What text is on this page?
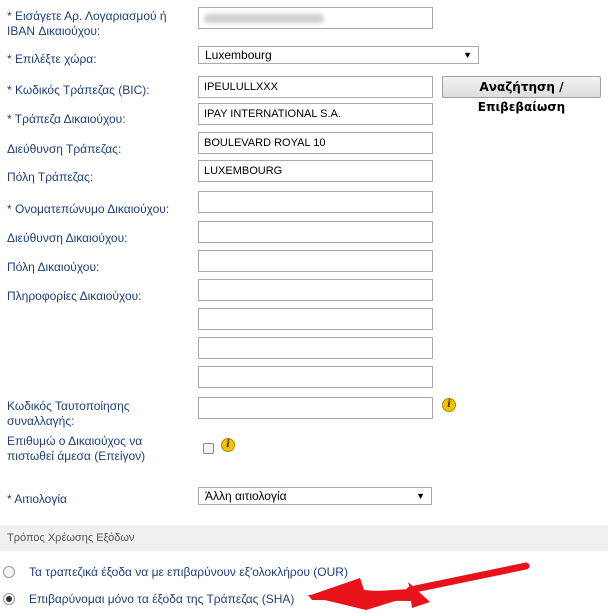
* Εισάγετε Αρ. Λογαριασμού ή IBAN Δικαιούχου:
* Επιλέξτε χώρα:	Luxembourg	▼
* Κωδικός Τράπεζας (BIC):	IPEULULLXXX	Αναζήτηση / Επιβεβαίωση
* Τράπεζα Δικαιούχου:	IPAY INTERNATIONAL S.A.
Διεύθυνση Τράπεζας:	BOULEVARD ROYAL 10
Πόλη Τράπεζας:	LUXEMBOURG
* Ονοματεπώνυμο Δικαιούχου:
Διεύθυνση Δικαιούχου:
Πόλη Δικαιούχου:
Πληροφορίες Δικαιούχου:
Κωδικός Ταυτοποίησης συναλλαγής:
i
Επιθυμώ ο Δικαιούχος να πιστωθεί άμεσα (Επείγον)
i
* Αιτιολογία	Άλλη αιτιολογία	▼
Τρόπος Χρέωσης Εξόδων
Τα τραπεζικά έξοδα να με επιβαρύνουν εξ'ολοκλήρου (OUR)
Επιβαρύνομαι μόνο τα έξοδα της Τράπεζας (SHA)
